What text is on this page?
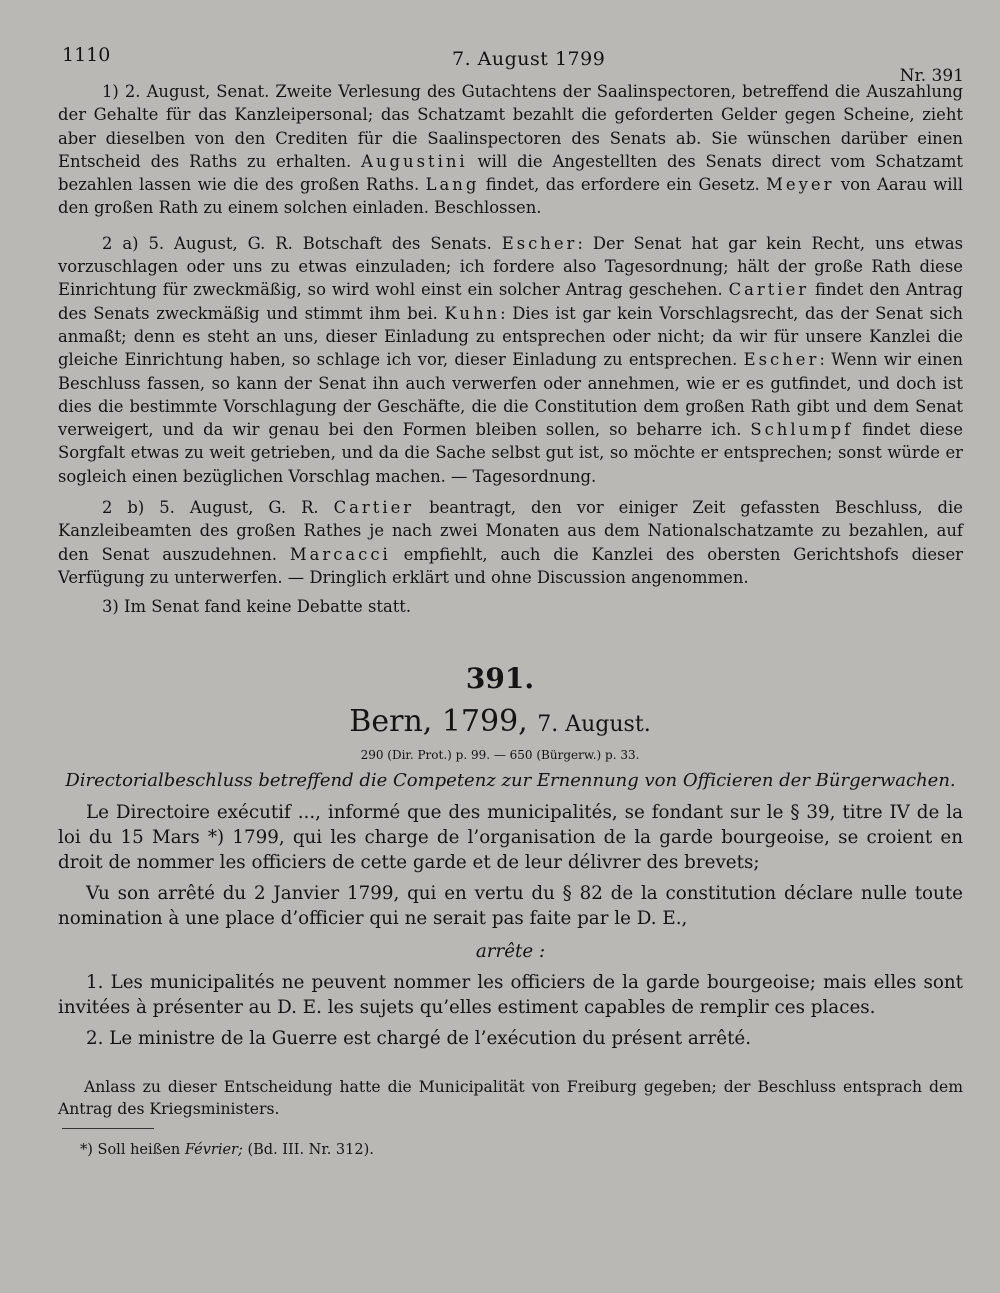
1110	7. August 1799
Nr. 391

1) 2. August, Senat. Zweite Verlesung des Gutachtens der Saalinspectoren, betreffend die Auszahlung der Gehalte für das Kanzleipersonal; das Schatzamt bezahlt die geforderten Gelder gegen Scheine, zieht aber dieselben von den Crediten für die Saalinspectoren des Senats ab. Sie wünschen darüber einen Entscheid des Raths zu erhalten. Augustini will die Angestellten des Senats direct vom Schatzamt bezahlen lassen wie die des großen Raths. Lang findet, das erfordere ein Gesetz. Meyer von Aarau will den großen Rath zu einem solchen einladen. Beschlossen.

2 a) 5. August, G. R. Botschaft des Senats. Escher: Der Senat hat gar kein Recht, uns etwas vorzuschlagen oder uns zu etwas einzuladen; ich fordere also Tagesordnung; hält der große Rath diese Einrichtung für zweckmäßig, so wird wohl einst ein solcher Antrag geschehen. Cartier findet den Antrag des Senats zweckmäßig und stimmt ihm bei. Kuhn: Dies ist gar kein Vorschlagsrecht, das der Senat sich anmaßt; denn es steht an uns, dieser Einladung zu entsprechen oder nicht; da wir für unsere Kanzlei die gleiche Einrichtung haben, so schlage ich vor, dieser Einladung zu entsprechen. Escher: Wenn wir einen Beschluss fassen, so kann der Senat ihn auch verwerfen oder annehmen, wie er es gutfindet, und doch ist dies die bestimmte Vorschlagung der Geschäfte, die die Constitution dem großen Rath gibt und dem Senat verweigert, und da wir genau bei den Formen bleiben sollen, so beharre ich. Schlumpf findet diese Sorgfalt etwas zu weit getrieben, und da die Sache selbst gut ist, so möchte er entsprechen; sonst würde er sogleich einen bezüglichen Vorschlag machen. — Tagesordnung.

2 b) 5. August, G. R. Cartier beantragt, den vor einiger Zeit gefassten Beschluss, die Kanzleibeamten des großen Rathes je nach zwei Monaten aus dem Nationalschatzamte zu bezahlen, auf den Senat auszudehnen. Marcacci empfiehlt, auch die Kanzlei des obersten Gerichtshofs dieser Verfügung zu unterwerfen. — Dringlich erklärt und ohne Discussion angenommen.

3) Im Senat fand keine Debatte statt.

391.
Bern, 1799, 7. August.
290 (Dir. Prot.) p. 99. — 650 (Bürgerw.) p. 33.
Directorialbeschluss betreffend die Competenz zur Ernennung von Officieren der Bürgerwachen.

Le Directoire exécutif ..., informé que des municipalités, se fondant sur le § 39, titre IV de la loi du 15 Mars *) 1799, qui les charge de l’organisation de la garde bourgeoise, se croient en droit de nommer les officiers de cette garde et de leur délivrer des brevets;

Vu son arrêté du 2 Janvier 1799, qui en vertu du § 82 de la constitution déclare nulle toute nomination à une place d’officier qui ne serait pas faite par le D. E.,

arrête :

1. Les municipalités ne peuvent nommer les officiers de la garde bourgeoise; mais elles sont invitées à présenter au D. E. les sujets qu’elles estiment capables de remplir ces places.

2. Le ministre de la Guerre est chargé de l’exécution du présent arrêté.

Anlass zu dieser Entscheidung hatte die Municipalität von Freiburg gegeben; der Beschluss entsprach dem Antrag des Kriegsministers.

*) Soll heißen Février; (Bd. III. Nr. 312).
